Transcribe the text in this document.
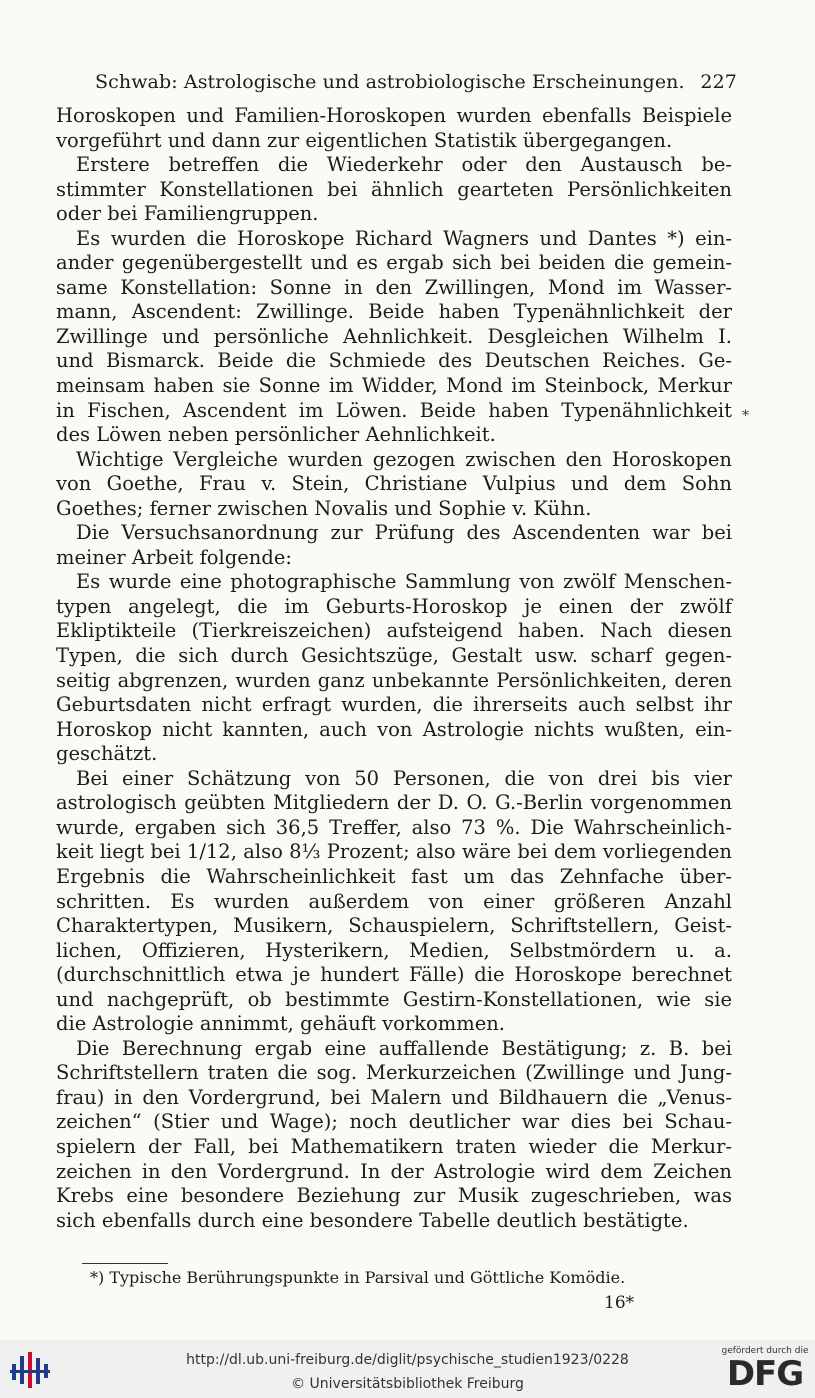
Schwab: Astrologische und astrobiologische Erscheinungen. 227
Horoskopen und Familien-Horoskopen wurden ebenfalls Beispiele
vorgeführt und dann zur eigentlichen Statistik übergegangen.
Erstere betreffen die Wiederkehr oder den Austausch be-
stimmter Konstellationen bei ähnlich gearteten Persönlichkeiten
oder bei Familiengruppen.
Es wurden die Horoskope Richard Wagners und Dantes *) ein-
ander gegenübergestellt und es ergab sich bei beiden die gemein-
same Konstellation: Sonne in den Zwillingen, Mond im Wasser-
mann, Ascendent: Zwillinge. Beide haben Typenähnlichkeit der
Zwillinge und persönliche Aehnlichkeit. Desgleichen Wilhelm I.
und Bismarck. Beide die Schmiede des Deutschen Reiches. Ge-
meinsam haben sie Sonne im Widder, Mond im Steinbock, Merkur
in Fischen, Ascendent im Löwen. Beide haben Typenähnlichkeit
des Löwen neben persönlicher Aehnlichkeit.
Wichtige Vergleiche wurden gezogen zwischen den Horoskopen
von Goethe, Frau v. Stein, Christiane Vulpius und dem Sohn
Goethes; ferner zwischen Novalis und Sophie v. Kühn.
Die Versuchsanordnung zur Prüfung des Ascendenten war bei
meiner Arbeit folgende:
Es wurde eine photographische Sammlung von zwölf Menschen-
typen angelegt, die im Geburts-Horoskop je einen der zwölf
Ekliptikteile (Tierkreiszeichen) aufsteigend haben. Nach diesen
Typen, die sich durch Gesichtszüge, Gestalt usw. scharf gegen-
seitig abgrenzen, wurden ganz unbekannte Persönlichkeiten, deren
Geburtsdaten nicht erfragt wurden, die ihrerseits auch selbst ihr
Horoskop nicht kannten, auch von Astrologie nichts wußten, ein-
geschätzt.
Bei einer Schätzung von 50 Personen, die von drei bis vier
astrologisch geübten Mitgliedern der D. O. G.-Berlin vorgenommen
wurde, ergaben sich 36,5 Treffer, also 73 %. Die Wahrscheinlich-
keit liegt bei 1/12, also 8⅓ Prozent; also wäre bei dem vorliegenden
Ergebnis die Wahrscheinlichkeit fast um das Zehnfache über-
schritten. Es wurden außerdem von einer größeren Anzahl
Charaktertypen, Musikern, Schauspielern, Schriftstellern, Geist-
lichen, Offizieren, Hysterikern, Medien, Selbstmördern u. a.
(durchschnittlich etwa je hundert Fälle) die Horoskope berechnet
und nachgeprüft, ob bestimmte Gestirn-Konstellationen, wie sie
die Astrologie annimmt, gehäuft vorkommen.
Die Berechnung ergab eine auffallende Bestätigung; z. B. bei
Schriftstellern traten die sog. Merkurzeichen (Zwillinge und Jung-
frau) in den Vordergrund, bei Malern und Bildhauern die „Venus-
zeichen“ (Stier und Wage); noch deutlicher war dies bei Schau-
spielern der Fall, bei Mathematikern traten wieder die Merkur-
zeichen in den Vordergrund. In der Astrologie wird dem Zeichen
Krebs eine besondere Beziehung zur Musik zugeschrieben, was
sich ebenfalls durch eine besondere Tabelle deutlich bestätigte.
*
*) Typische Berührungspunkte in Parsival und Göttliche Komödie.
16*
http://dl.ub.uni-freiburg.de/diglit/psychische_studien1923/0228
© Universitätsbibliothek Freiburg
gefördert durch die
DFG
